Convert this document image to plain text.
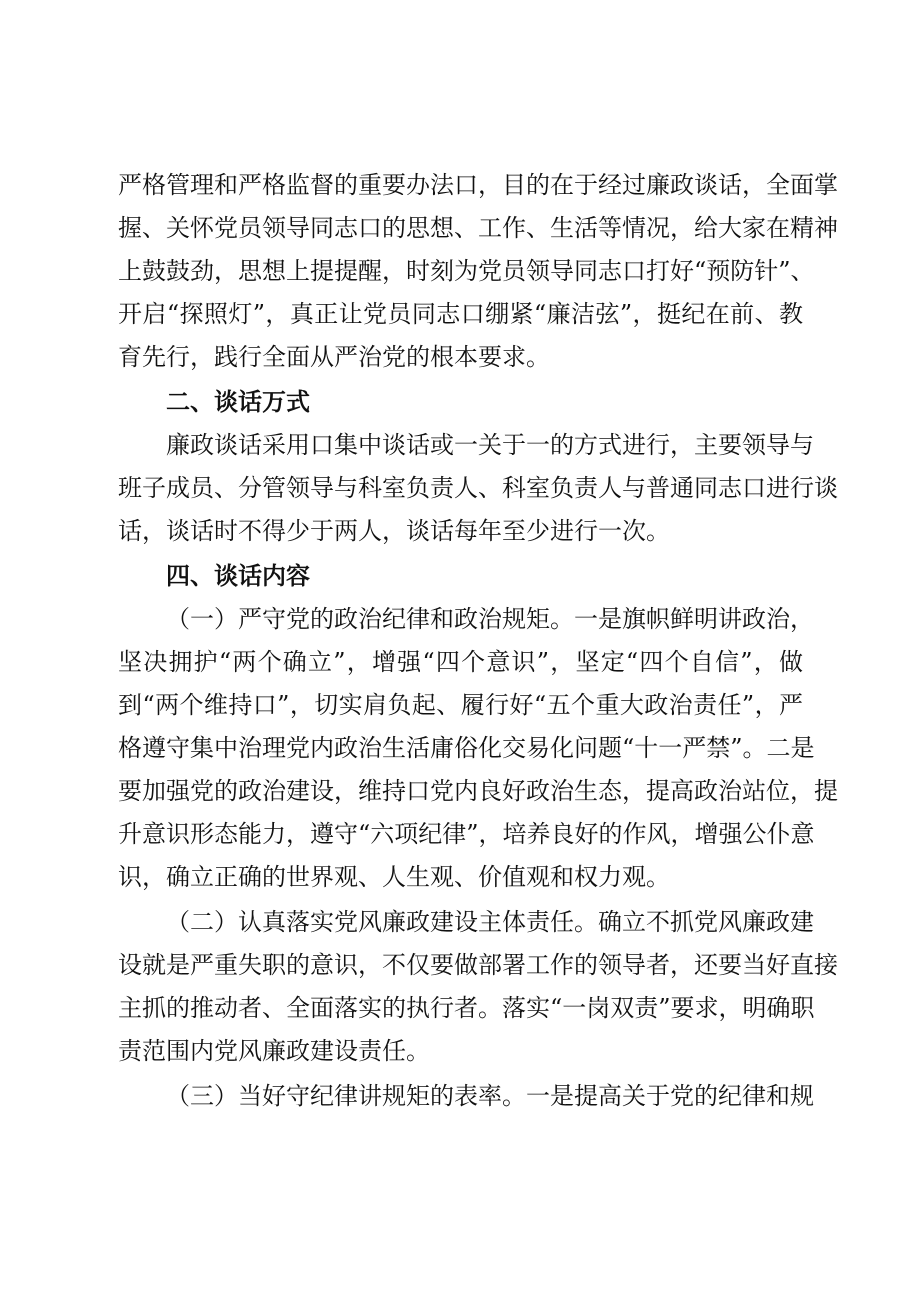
严格管理和严格监督的重要办法口，目的在于经过廉政谈话，全面掌
握、关怀党员领导同志口的思想、工作、生活等情况，给大家在精神
上鼓鼓劲，思想上提提醒，时刻为党员领导同志口打好“预防针”、
开启“探照灯”，真正让党员同志口绷紧“廉洁弦”，挺纪在前、教
育先行，践行全面从严治党的根本要求。
二、谈话万式
廉政谈话采用口集中谈话或一关于一的方式进行，主要领导与
班子成员、分管领导与科室负责人、科室负责人与普通同志口进行谈
话，谈话时不得少于两人，谈话每年至少进行一次。
四、谈话内容
（一）严守党的政治纪律和政治规矩。一是旗帜鲜明讲政治，
坚决拥护“两个确立”，增强“四个意识”，坚定“四个自信”，做
到“两个维持口”，切实肩负起、履行好“五个重大政治责任”，严
格遵守集中治理党内政治生活庸俗化交易化问题“十一严禁”。二是
要加强党的政治建设，维持口党内良好政治生态，提高政治站位，提
升意识形态能力，遵守“六项纪律”，培养良好的作风，增强公仆意
识，确立正确的世界观、人生观、价值观和权力观。
（二）认真落实党风廉政建设主体责任。确立不抓党风廉政建
设就是严重失职的意识，不仅要做部署工作的领导者，还要当好直接
主抓的推动者、全面落实的执行者。落实“一岗双责”要求，明确职
责范围内党风廉政建设责任。
（三）当好守纪律讲规矩的表率。一是提高关于党的纪律和规
